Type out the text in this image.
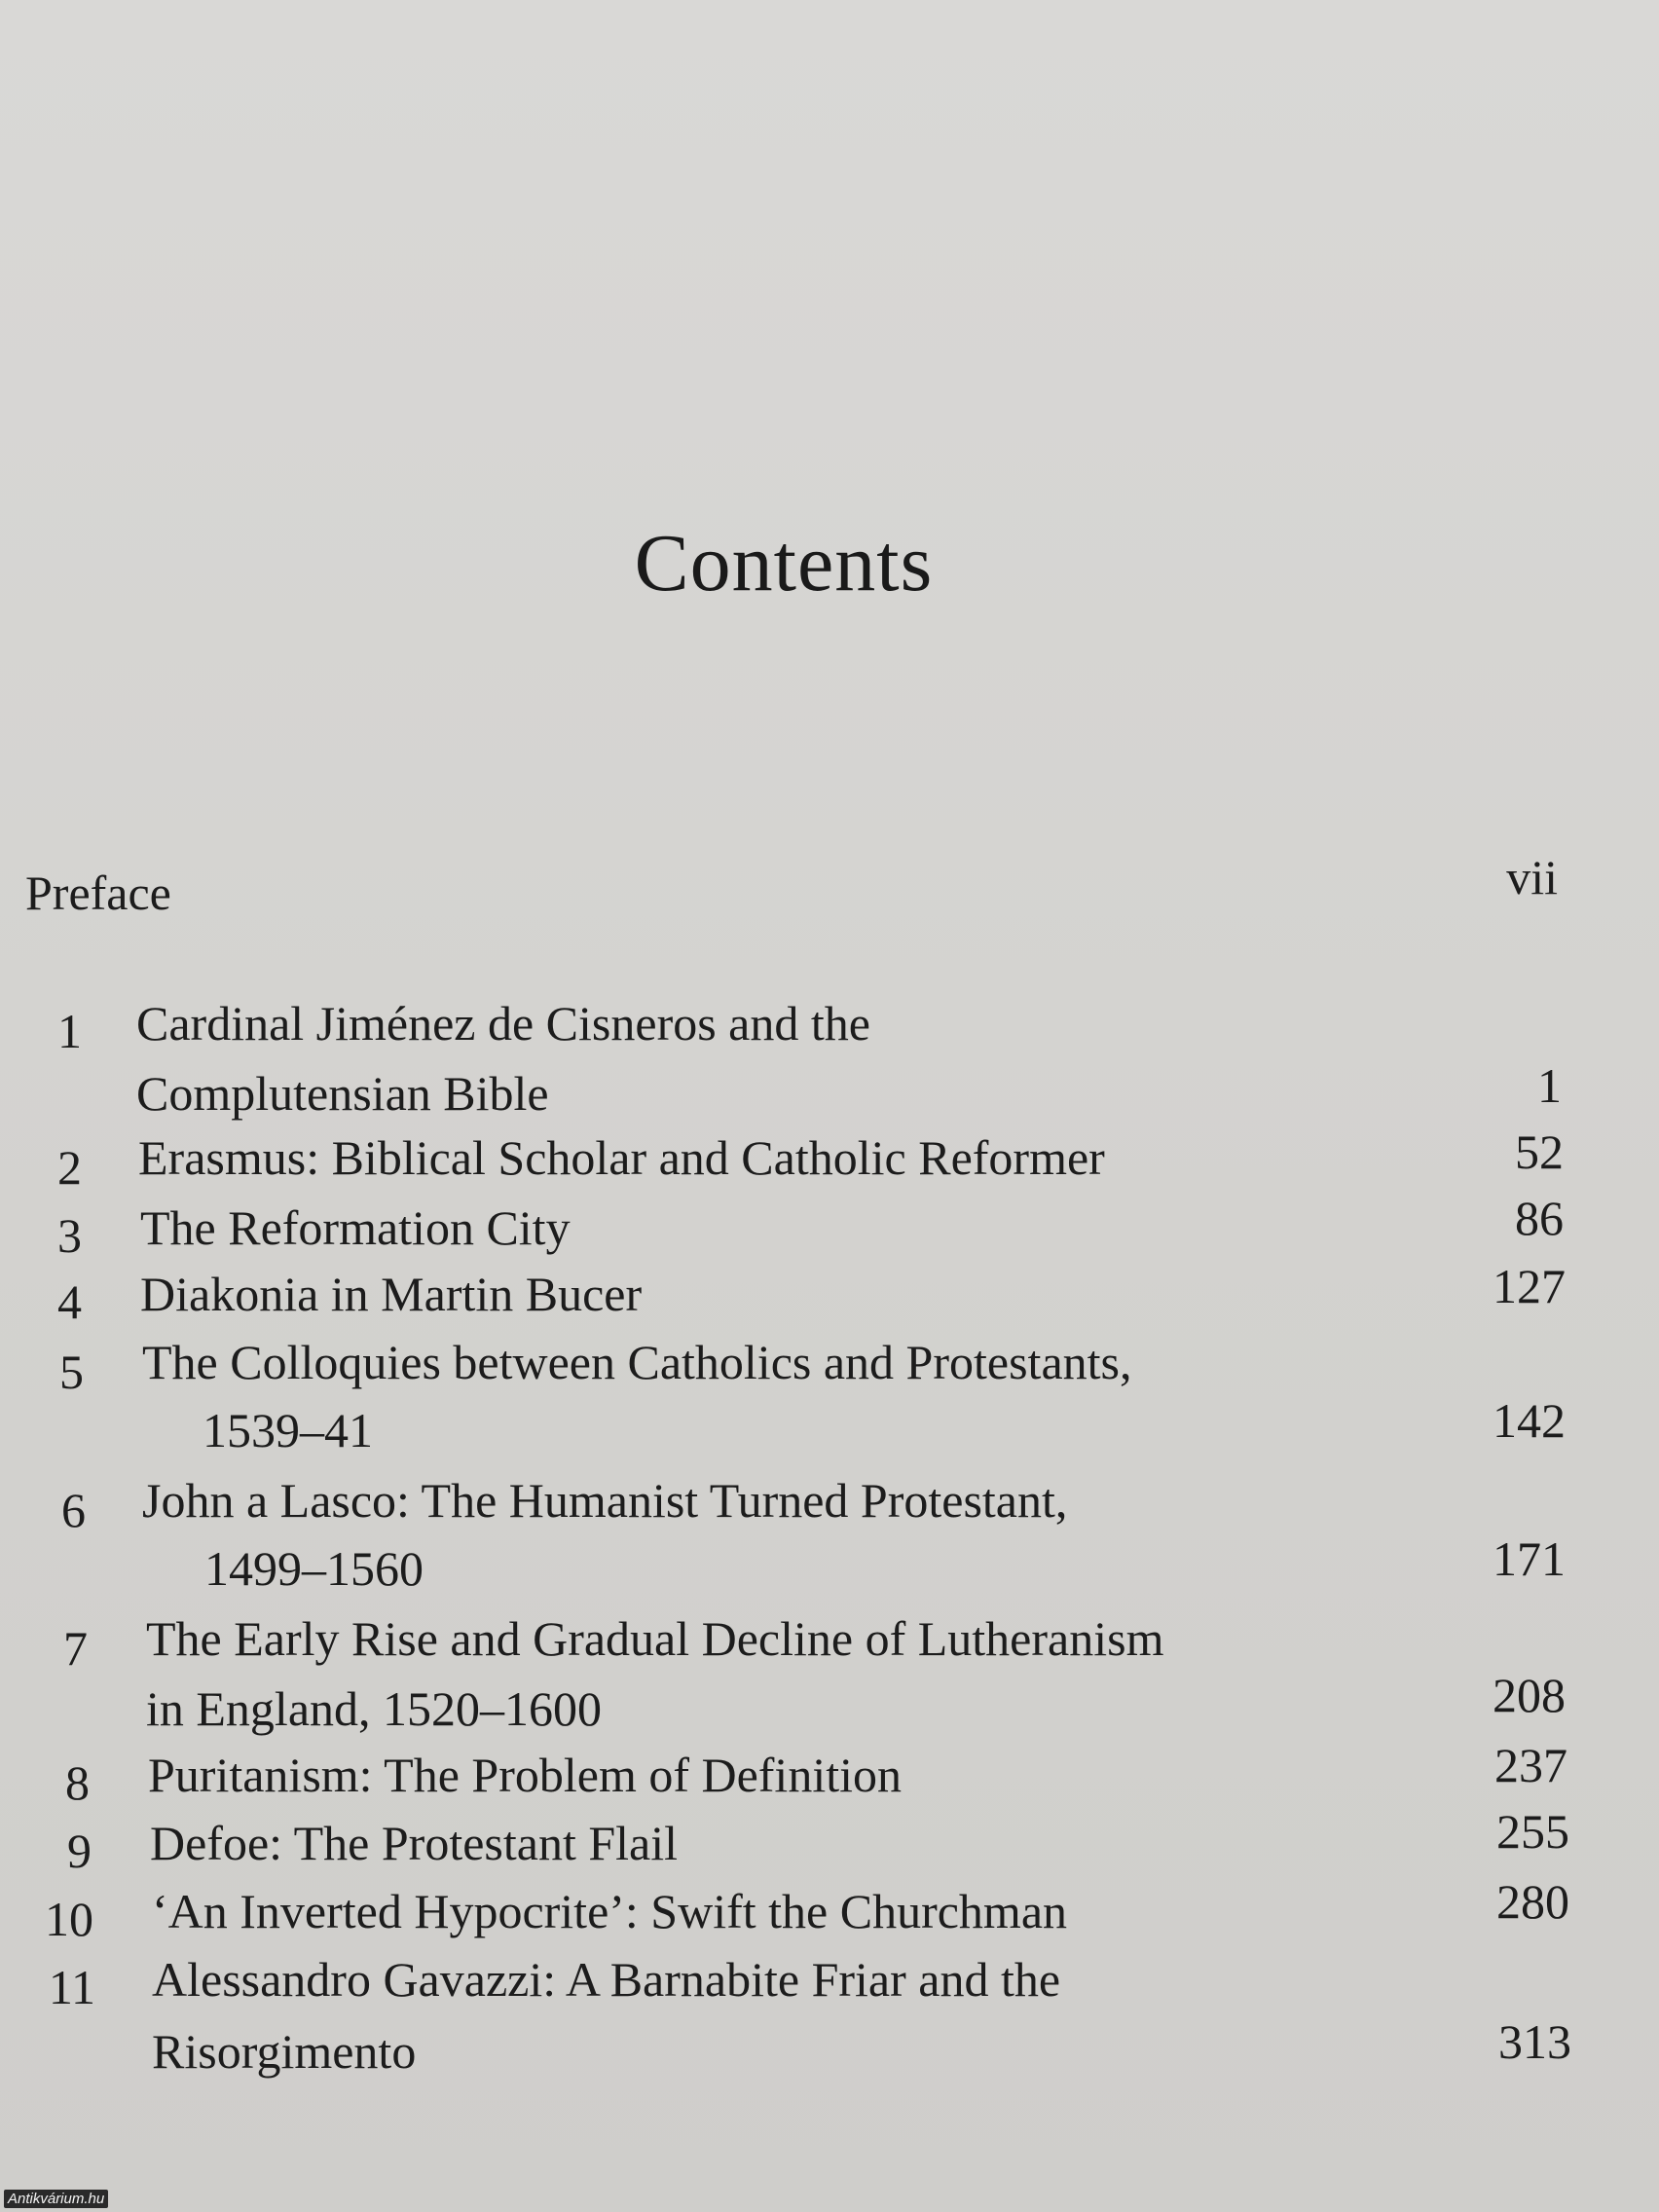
Contents
Preface	vii
1 Cardinal Jiménez de Cisneros and the
Complutensian Bible	1
2 Erasmus: Biblical Scholar and Catholic Reformer	52
3 The Reformation City	86
4 Diakonia in Martin Bucer	127
5 The Colloquies between Catholics and Protestants,
1539–41	142
6 John a Lasco: The Humanist Turned Protestant,
1499–1560	171
7 The Early Rise and Gradual Decline of Lutheranism
in England, 1520–1600	208
8 Puritanism: The Problem of Definition	237
9 Defoe: The Protestant Flail	255
10 ‘An Inverted Hypocrite’: Swift the Churchman	280
11 Alessandro Gavazzi: A Barnabite Friar and the
Risorgimento	313
Antikvárium.hu
